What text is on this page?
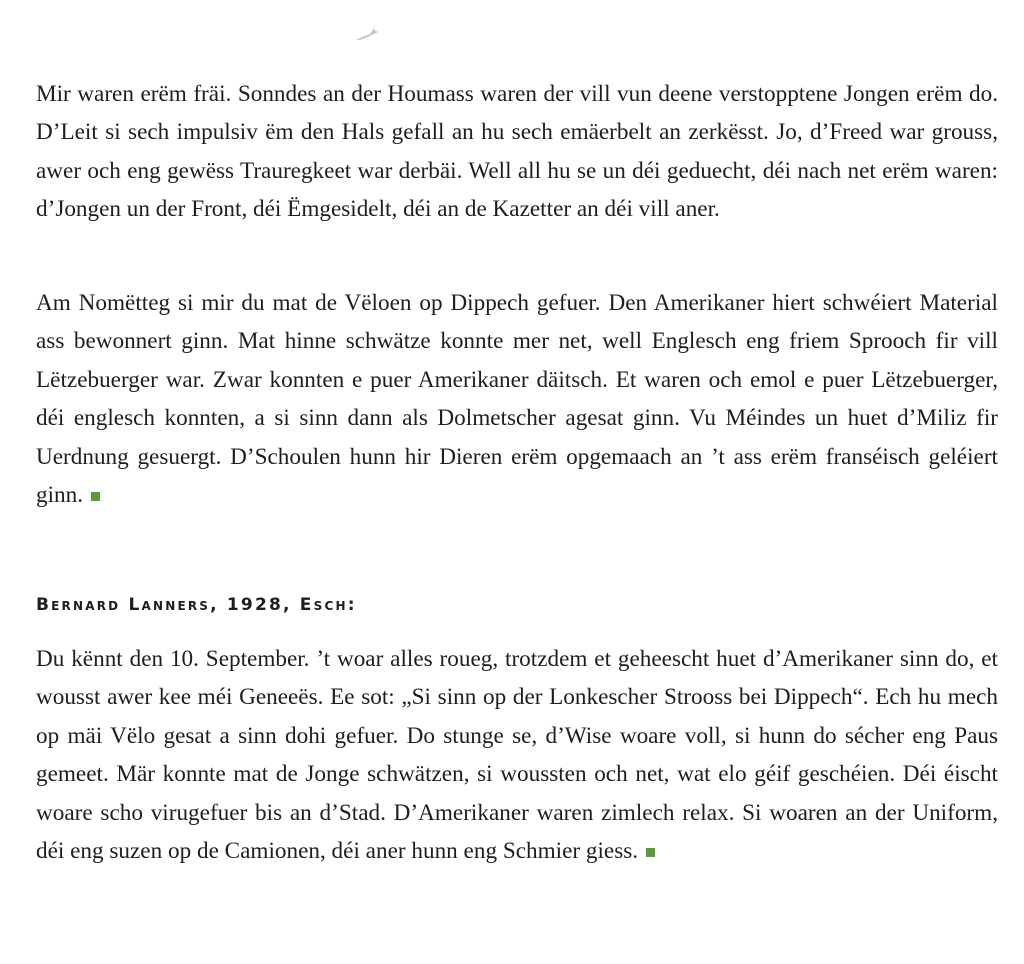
Mir waren erëm fräi. Sonndes an der Houmass waren der vill vun deene verstopptene Jongen erëm do. D’Leit si sech impulsiv ëm den Hals gefall an hu sech emäerbelt an zerkësst. Jo, d’Freed war grouss, awer och eng gewëss Trauregkeet war derbäi. Well all hu se un déi geduecht, déi nach net erëm waren: d’Jongen un der Front, déi Ëmgesidelt, déi an de Kazetter an déi vill aner.

Am Nomëtteg si mir du mat de Vëloen op Dippech gefuer. Den Amerikaner hiert schwéiert Material ass bewonnert ginn. Mat hinne schwätze konnte mer net, well Englesch eng friem Sprooch fir vill Lëtzebuerger war. Zwar konnten e puer Amerikaner däitsch. Et waren och emol e puer Lëtzebuerger, déi englesch konnten, a si sinn dann als Dolmetscher agesat ginn. Vu Méindes un huet d’Miliz fir Uerdnung gesuergt. D’Schoulen hunn hir Dieren erëm opgemaach an ’t ass erëm franséisch geléiert ginn.

Bernard Lanners, 1928, Esch:

Du kënnt den 10. September. ’t woar alles roueg, trotzdem et geheescht huet d’Amerikaner sinn do, et wousst awer kee méi Geneeës. Ee sot: „Si sinn op der Lonkescher Strooss bei Dippech“. Ech hu mech op mäi Vëlo gesat a sinn dohi gefuer. Do stunge se, d’Wise woare voll, si hunn do sécher eng Paus gemeet. Mär konnte mat de Jonge schwätzen, si woussten och net, wat elo géif geschéien. Déi éischt woare scho virugefuer bis an d’Stad. D’Amerikaner waren zimlech relax. Si woaren an der Uniform, déi eng suzen op de Camionen, déi aner hunn eng Schmier giess.
